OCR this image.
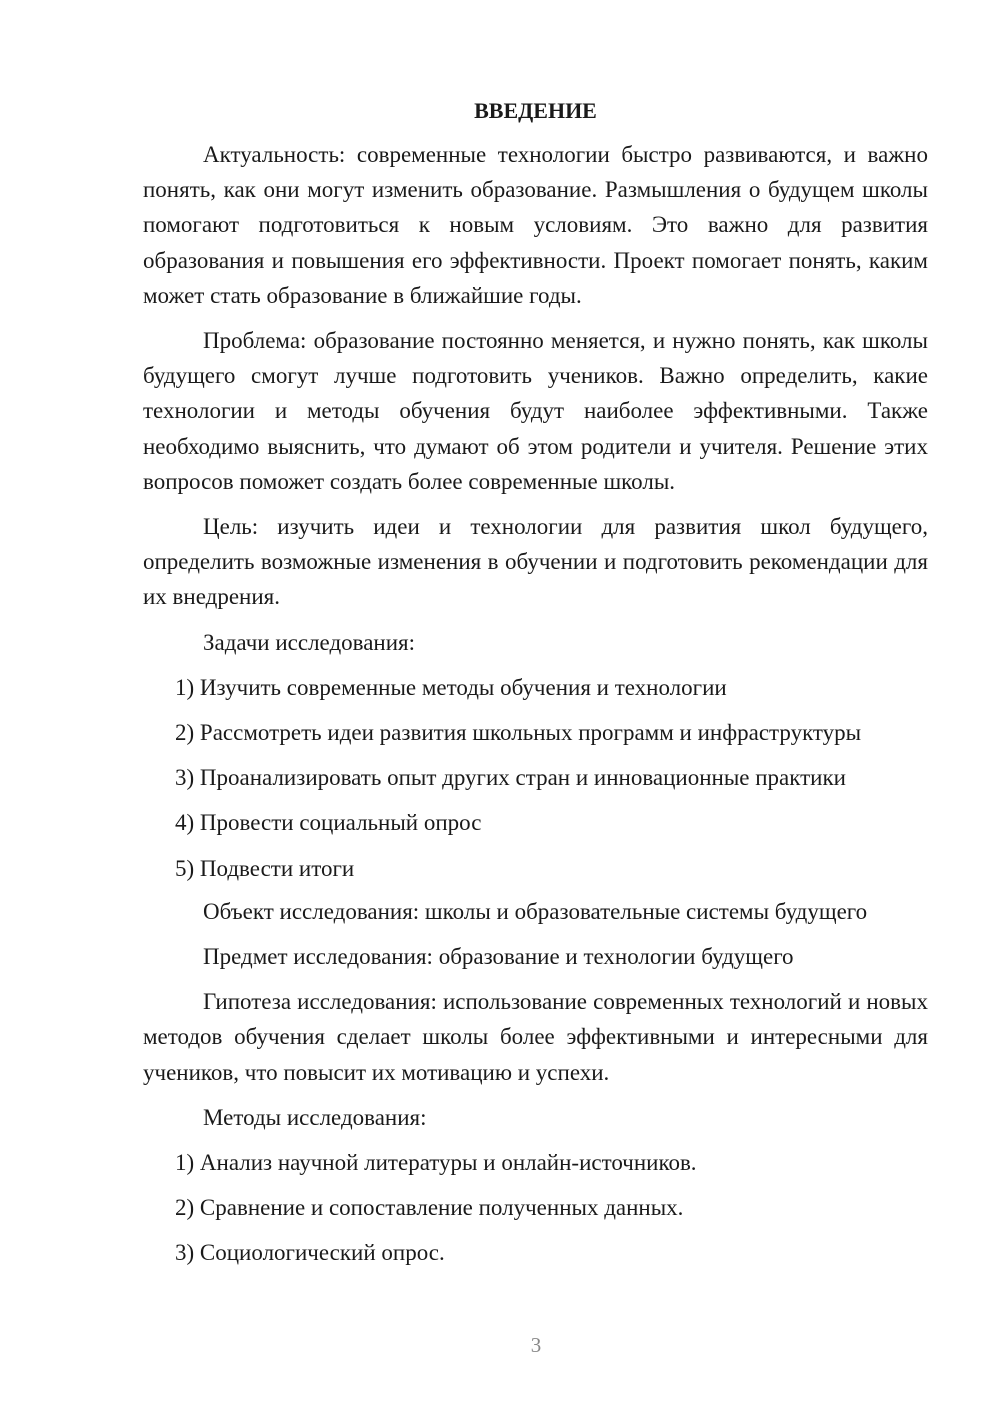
ВВЕДЕНИЕ

Актуальность: современные технологии быстро развиваются, и важно понять, как они могут изменить образование. Размышления о будущем школы помогают подготовиться к новым условиям. Это важно для развития образования и повышения его эффективности. Проект помогает понять, каким может стать образование в ближайшие годы.

Проблема: образование постоянно меняется, и нужно понять, как школы будущего смогут лучше подготовить учеников. Важно определить, какие технологии и методы обучения будут наиболее эффективными. Также необходимо выяснить, что думают об этом родители и учителя. Решение этих вопросов поможет создать более современные школы.

Цель: изучить идеи и технологии для развития школ будущего, определить возможные изменения в обучении и подготовить рекомендации для их внедрения.

Задачи исследования:

1) Изучить современные методы обучения и технологии

2) Рассмотреть идеи развития школьных программ и инфраструктуры

3) Проанализировать опыт других стран и инновационные практики

4) Провести социальный опрос

5) Подвести итоги

Объект исследования: школы и образовательные системы будущего

Предмет исследования: образование и технологии будущего

Гипотеза исследования: использование современных технологий и новых методов обучения сделает школы более эффективными и интересными для учеников, что повысит их мотивацию и успехи.

Методы исследования:

1) Анализ научной литературы и онлайн-источников.

2) Сравнение и сопоставление полученных данных.

3) Социологический опрос.

3
